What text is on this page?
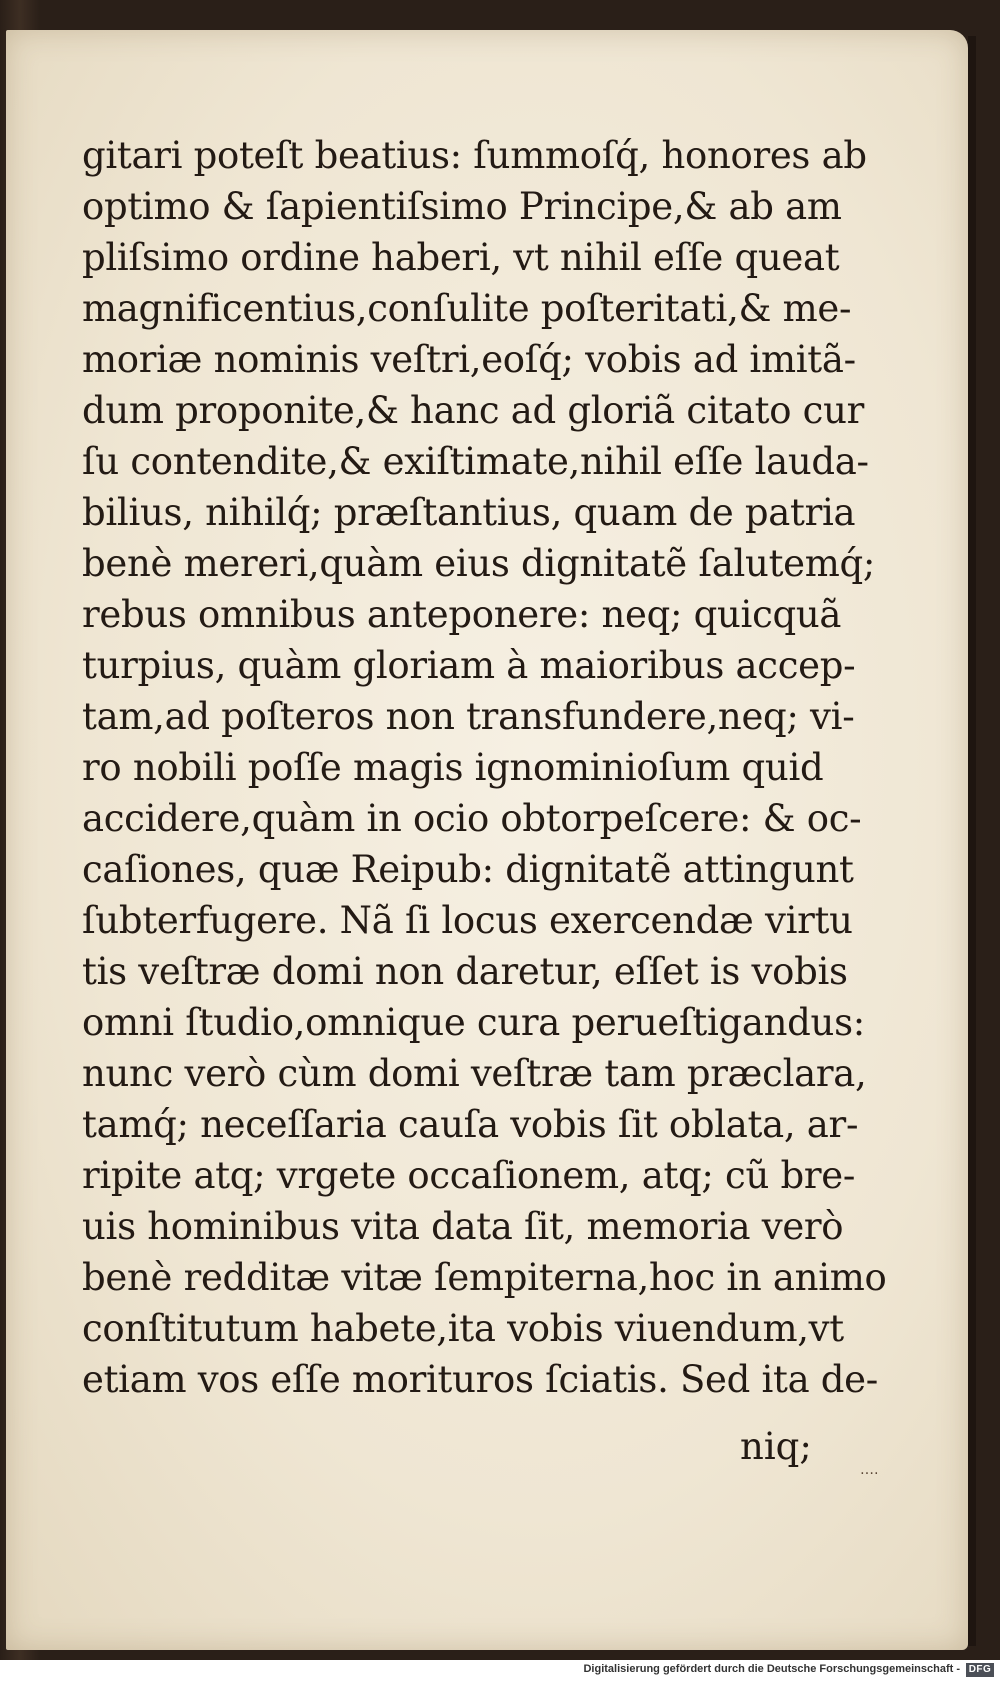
gitari poteſt beatius: ſummoſq́, honores ab
optimo & ſapientiſsimo Principe,& ab am
pliſsimo ordine haberi, vt nihil eſſe queat
magnificentius,conſulite poſteritati,& me-
moriæ nominis veſtri,eoſq́; vobis ad imitã-
dum proponite,& hanc ad gloriã citato cur
ſu contendite,& exiſtimate,nihil eſſe lauda-
bilius, nihilq́; præſtantius, quam de patria
benè mereri,quàm eius dignitatẽ ſalutemq́;
rebus omnibus anteponere: neq; quicquã
turpius, quàm gloriam à maioribus accep-
tam,ad poſteros non transfundere,neq; vi-
ro nobili poſſe magis ignominioſum quid
accidere,quàm in ocio obtorpeſcere: & oc-
caſiones, quæ Reipub: dignitatẽ attingunt
ſubterfugere. Nã ſi locus exercendæ virtu
tis veſtræ domi non daretur, eſſet is vobis
omni ſtudio,omnique cura perueſtigandus:
nunc verò cùm domi veſtræ tam præclara,
tamq́; neceſſaria cauſa vobis ſit oblata, ar-
ripite atq; vrgete occaſionem, atq; cũ bre-
uis hominibus vita data ſit, memoria verò
benè redditæ vitæ ſempiterna,hoc in animo
conſtitutum habete,ita vobis viuendum,vt
etiam vos eſſe morituros ſciatis. Sed ita de-
niq;
․…
Digitalisierung gefördert durch die Deutsche Forschungsgemeinschaft - DFG
